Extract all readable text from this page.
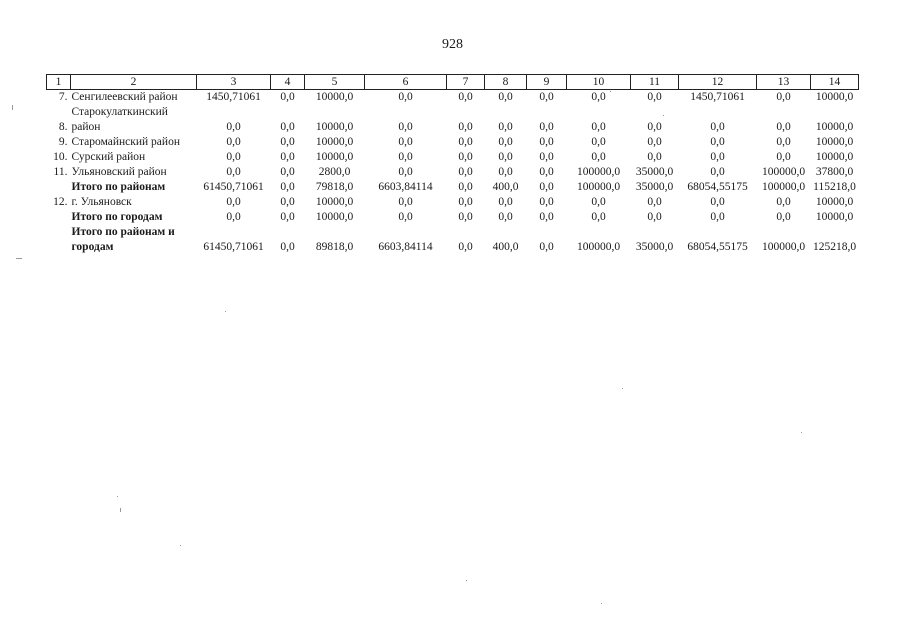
928
1	2	3	4	5	6	7	8	9	10	11	12	13	14
7.	Сенгилеевский район	1450,71061	0,0	10000,0	0,0	0,0	0,0	0,0	0,0	0,0	1450,71061	0,0	10000,0
8.	Старокулаткинский район	0,0	0,0	10000,0	0,0	0,0	0,0	0,0	0,0	0,0	0,0	0,0	10000,0
9.	Старомайнский район	0,0	0,0	10000,0	0,0	0,0	0,0	0,0	0,0	0,0	0,0	0,0	10000,0
10.	Сурский район	0,0	0,0	10000,0	0,0	0,0	0,0	0,0	0,0	0,0	0,0	0,0	10000,0
11.	Ульяновский район	0,0	0,0	2800,0	0,0	0,0	0,0	0,0	100000,0	35000,0	0,0	100000,0	37800,0
	Итого по районам	61450,71061	0,0	79818,0	6603,84114	0,0	400,0	0,0	100000,0	35000,0	68054,55175	100000,0	115218,0
12.	г. Ульяновск	0,0	0,0	10000,0	0,0	0,0	0,0	0,0	0,0	0,0	0,0	0,0	10000,0
	Итого по городам	0,0	0,0	10000,0	0,0	0,0	0,0	0,0	0,0	0,0	0,0	0,0	10000,0
	Итого по районам и городам	61450,71061	0,0	89818,0	6603,84114	0,0	400,0	0,0	100000,0	35000,0	68054,55175	100000,0	125218,0
